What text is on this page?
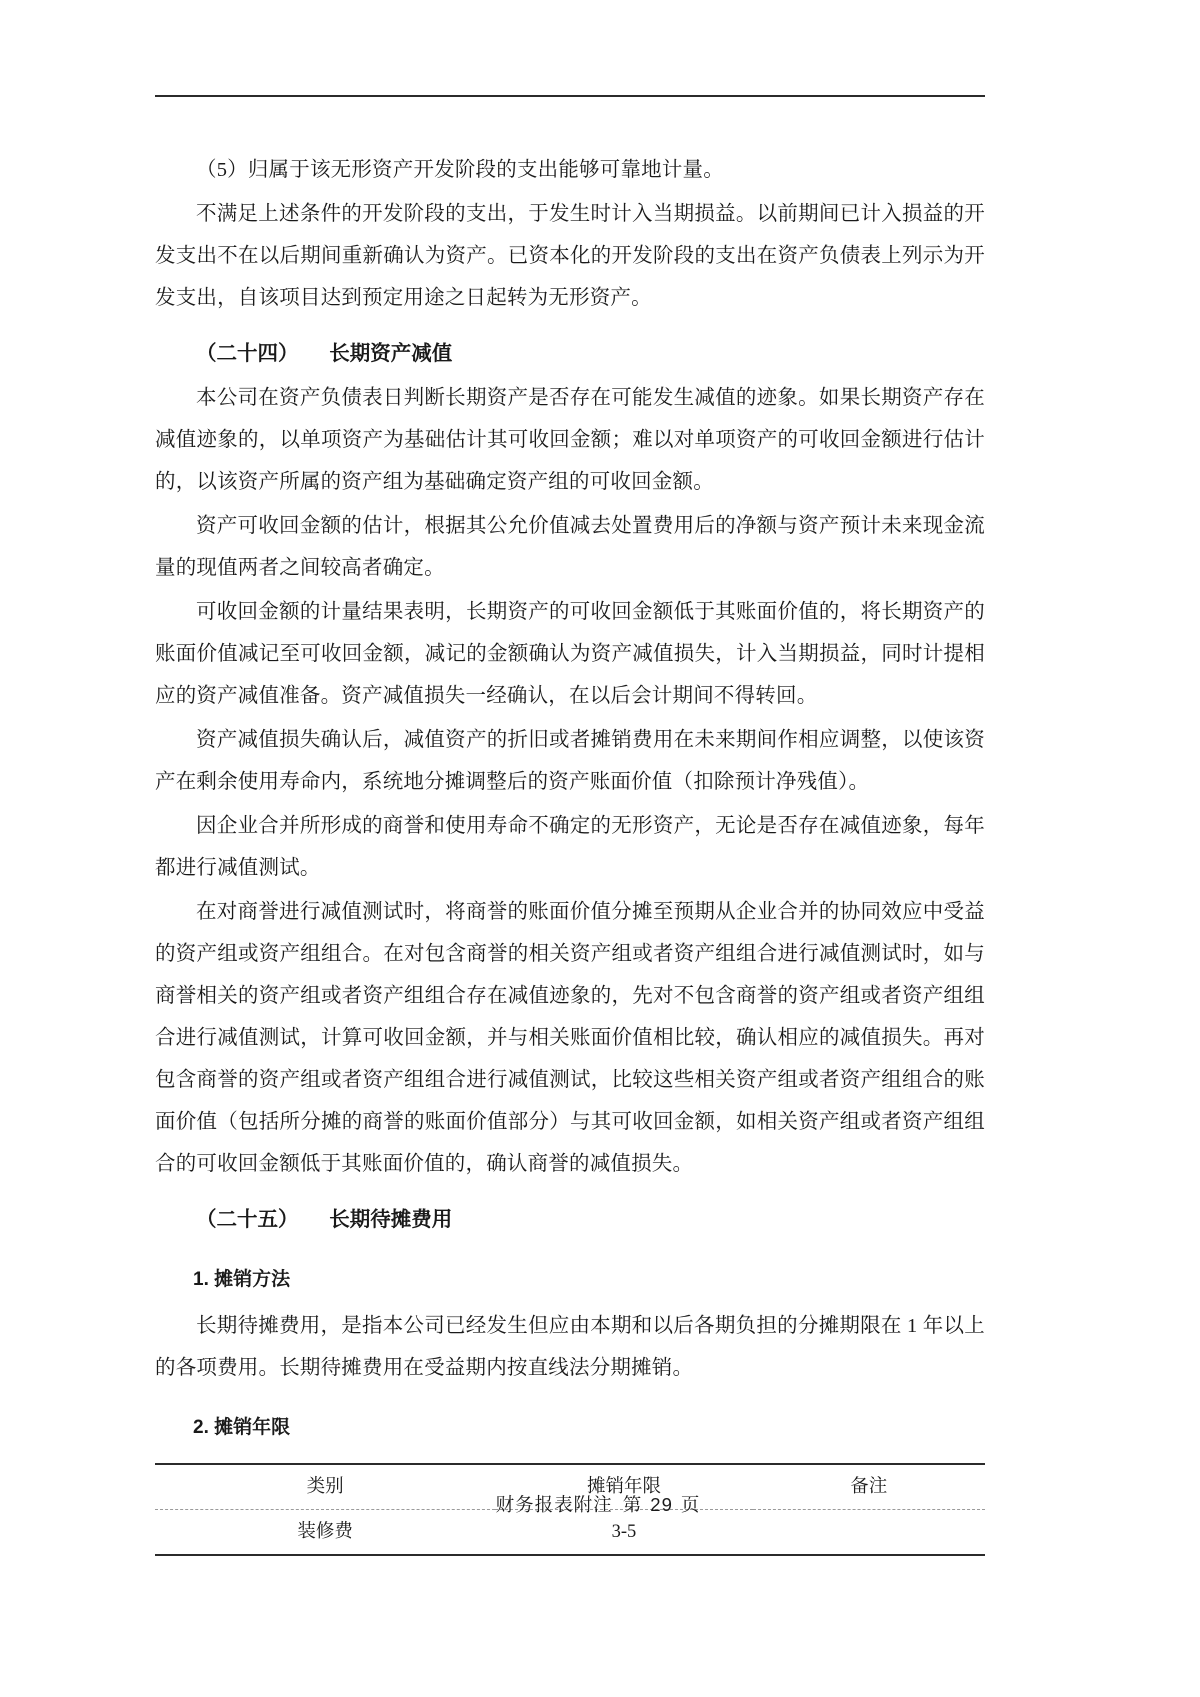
（5）归属于该无形资产开发阶段的支出能够可靠地计量。

不满足上述条件的开发阶段的支出，于发生时计入当期损益。以前期间已计入损益的开发支出不在以后期间重新确认为资产。已资本化的开发阶段的支出在资产负债表上列示为开发支出，自该项目达到预定用途之日起转为无形资产。

（二十四） 长期资产减值

本公司在资产负债表日判断长期资产是否存在可能发生减值的迹象。如果长期资产存在减值迹象的，以单项资产为基础估计其可收回金额；难以对单项资产的可收回金额进行估计的，以该资产所属的资产组为基础确定资产组的可收回金额。

资产可收回金额的估计，根据其公允价值减去处置费用后的净额与资产预计未来现金流量的现值两者之间较高者确定。

可收回金额的计量结果表明，长期资产的可收回金额低于其账面价值的，将长期资产的账面价值减记至可收回金额，减记的金额确认为资产减值损失，计入当期损益，同时计提相应的资产减值准备。资产减值损失一经确认，在以后会计期间不得转回。

资产减值损失确认后，减值资产的折旧或者摊销费用在未来期间作相应调整，以使该资产在剩余使用寿命内，系统地分摊调整后的资产账面价值（扣除预计净残值）。

因企业合并所形成的商誉和使用寿命不确定的无形资产，无论是否存在减值迹象，每年都进行减值测试。

在对商誉进行减值测试时，将商誉的账面价值分摊至预期从企业合并的协同效应中受益的资产组或资产组组合。在对包含商誉的相关资产组或者资产组组合进行减值测试时，如与商誉相关的资产组或者资产组组合存在减值迹象的，先对不包含商誉的资产组或者资产组组合进行减值测试，计算可收回金额，并与相关账面价值相比较，确认相应的减值损失。再对包含商誉的资产组或者资产组组合进行减值测试，比较这些相关资产组或者资产组组合的账面价值（包括所分摊的商誉的账面价值部分）与其可收回金额，如相关资产组或者资产组组合的可收回金额低于其账面价值的，确认商誉的减值损失。

（二十五） 长期待摊费用
1. 摊销方法

长期待摊费用，是指本公司已经发生但应由本期和以后各期负担的分摊期限在 1 年以上的各项费用。长期待摊费用在受益期内按直线法分期摊销。

2. 摊销年限
类别	摊销年限	备注
装修费	3-5	
财务报表附注 第 29 页
